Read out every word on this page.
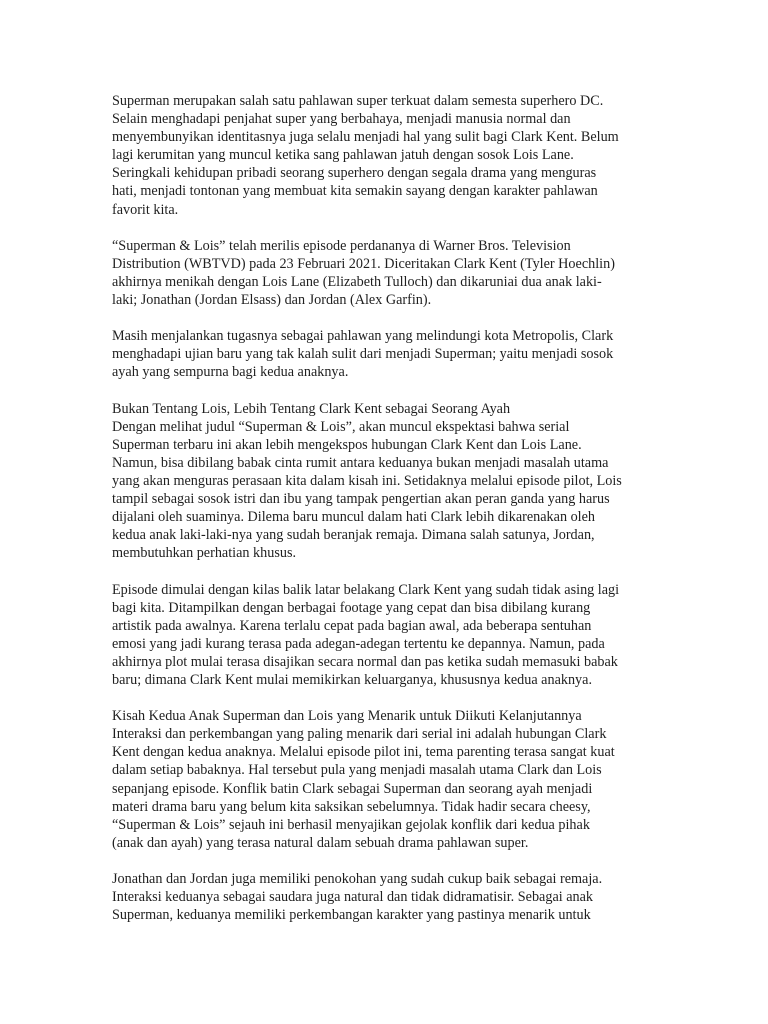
Superman merupakan salah satu pahlawan super terkuat dalam semesta superhero DC.
Selain menghadapi penjahat super yang berbahaya, menjadi manusia normal dan
menyembunyikan identitasnya juga selalu menjadi hal yang sulit bagi Clark Kent. Belum
lagi kerumitan yang muncul ketika sang pahlawan jatuh dengan sosok Lois Lane.
Seringkali kehidupan pribadi seorang superhero dengan segala drama yang menguras
hati, menjadi tontonan yang membuat kita semakin sayang dengan karakter pahlawan
favorit kita.
“Superman & Lois” telah merilis episode perdananya di Warner Bros. Television
Distribution (WBTVD) pada 23 Februari 2021. Diceritakan Clark Kent (Tyler Hoechlin)
akhirnya menikah dengan Lois Lane (Elizabeth Tulloch) dan dikaruniai dua anak laki-
laki; Jonathan (Jordan Elsass) dan Jordan (Alex Garfin).
Masih menjalankan tugasnya sebagai pahlawan yang melindungi kota Metropolis, Clark
menghadapi ujian baru yang tak kalah sulit dari menjadi Superman; yaitu menjadi sosok
ayah yang sempurna bagi kedua anaknya.
Bukan Tentang Lois, Lebih Tentang Clark Kent sebagai Seorang Ayah
Dengan melihat judul “Superman & Lois”, akan muncul ekspektasi bahwa serial
Superman terbaru ini akan lebih mengekspos hubungan Clark Kent dan Lois Lane.
Namun, bisa dibilang babak cinta rumit antara keduanya bukan menjadi masalah utama
yang akan menguras perasaan kita dalam kisah ini. Setidaknya melalui episode pilot, Lois
tampil sebagai sosok istri dan ibu yang tampak pengertian akan peran ganda yang harus
dijalani oleh suaminya. Dilema baru muncul dalam hati Clark lebih dikarenakan oleh
kedua anak laki-laki-nya yang sudah beranjak remaja. Dimana salah satunya, Jordan,
membutuhkan perhatian khusus.
Episode dimulai dengan kilas balik latar belakang Clark Kent yang sudah tidak asing lagi
bagi kita. Ditampilkan dengan berbagai footage yang cepat dan bisa dibilang kurang
artistik pada awalnya. Karena terlalu cepat pada bagian awal, ada beberapa sentuhan
emosi yang jadi kurang terasa pada adegan-adegan tertentu ke depannya. Namun, pada
akhirnya plot mulai terasa disajikan secara normal dan pas ketika sudah memasuki babak
baru; dimana Clark Kent mulai memikirkan keluarganya, khususnya kedua anaknya.
Kisah Kedua Anak Superman dan Lois yang Menarik untuk Diikuti Kelanjutannya
Interaksi dan perkembangan yang paling menarik dari serial ini adalah hubungan Clark
Kent dengan kedua anaknya. Melalui episode pilot ini, tema parenting terasa sangat kuat
dalam setiap babaknya. Hal tersebut pula yang menjadi masalah utama Clark dan Lois
sepanjang episode. Konflik batin Clark sebagai Superman dan seorang ayah menjadi
materi drama baru yang belum kita saksikan sebelumnya. Tidak hadir secara cheesy,
“Superman & Lois” sejauh ini berhasil menyajikan gejolak konflik dari kedua pihak
(anak dan ayah) yang terasa natural dalam sebuah drama pahlawan super.
Jonathan dan Jordan juga memiliki penokohan yang sudah cukup baik sebagai remaja.
Interaksi keduanya sebagai saudara juga natural dan tidak didramatisir. Sebagai anak
Superman, keduanya memiliki perkembangan karakter yang pastinya menarik untuk
